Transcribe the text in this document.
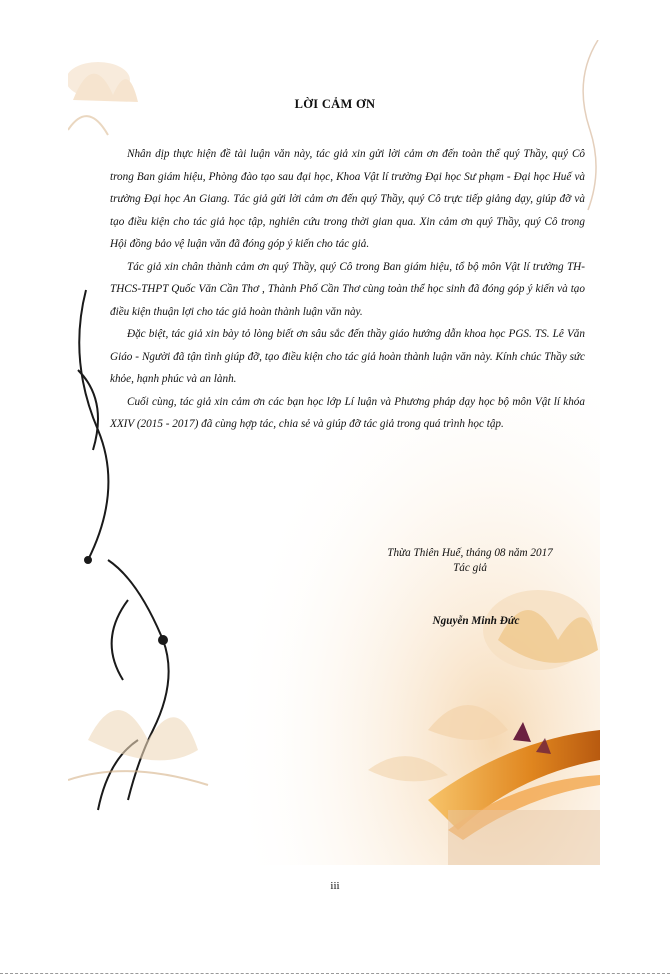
LỜI CẢM ƠN

Nhân dịp thực hiện đề tài luận văn này, tác giả xin gửi lời cảm ơn đến toàn thể quý Thầy, quý Cô trong Ban giám hiệu, Phòng đào tạo sau đại học, Khoa Vật lí trường Đại học Sư phạm - Đại học Huế và trường Đại học An Giang. Tác giả gửi lời cảm ơn đến quý Thầy, quý Cô trực tiếp giảng dạy, giúp đỡ và tạo điều kiện cho tác giả học tập, nghiên cứu trong thời gian qua. Xin cảm ơn quý Thầy, quý Cô trong Hội đồng bảo vệ luận văn đã đóng góp ý kiến cho tác giả.

Tác giả xin chân thành cảm ơn quý Thầy, quý Cô trong Ban giám hiệu, tổ bộ môn Vật lí trường TH-THCS-THPT Quốc Văn Cần Thơ , Thành Phố Cần Thơ cùng toàn thể học sinh đã đóng góp ý kiến và tạo điều kiện thuận lợi cho tác giả hoàn thành luận văn này.

Đặc biệt, tác giả xin bày tỏ lòng biết ơn sâu sắc đến thầy giáo hướng dẫn khoa học PGS. TS. Lê Văn Giáo - Người đã tận tình giúp đỡ, tạo điều kiện cho tác giả hoàn thành luận văn này. Kính chúc Thầy sức khỏe, hạnh phúc và an lành.

Cuối cùng, tác giả xin cảm ơn các bạn học lớp Lí luận và Phương pháp dạy học bộ môn Vật lí khóa XXIV (2015 - 2017) đã cùng hợp tác, chia sẻ và giúp đỡ tác giả trong quá trình học tập.

Thừa Thiên Huế, tháng 08 năm 2017
Tác giả
Nguyễn Minh Đức
iii
